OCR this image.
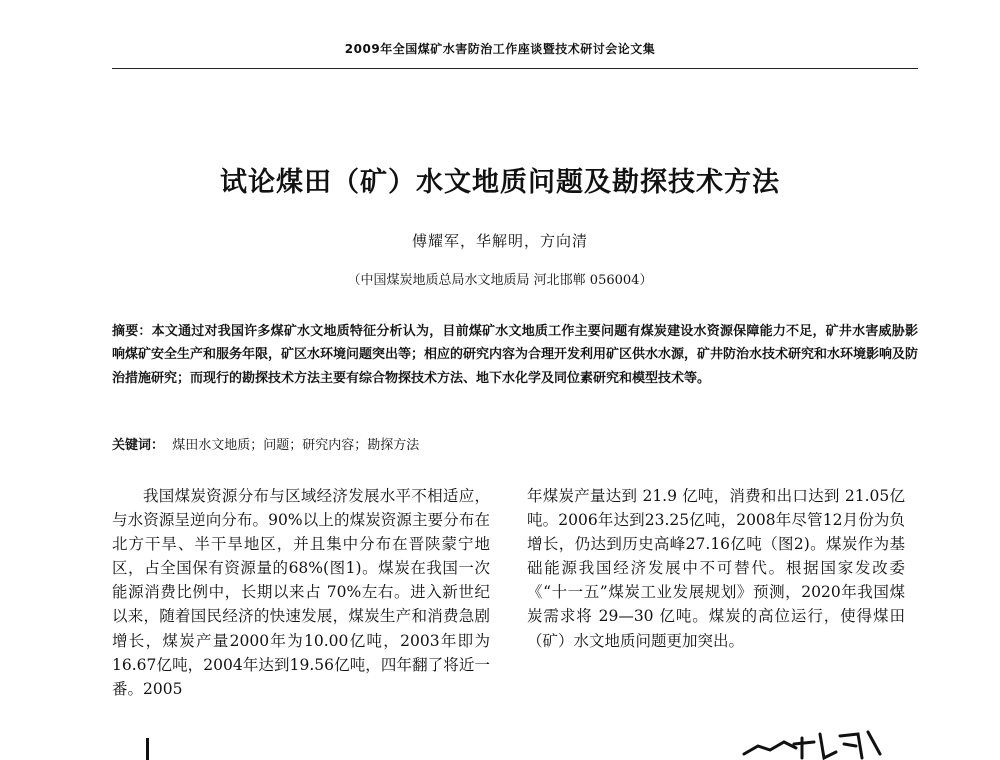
2009年全国煤矿水害防治工作座谈暨技术研讨会论文集
试论煤田（矿）水文地质问题及勘探技术方法
傅耀军，华解明，方向清
（中国煤炭地质总局水文地质局 河北邯郸 056004）
摘要：本文通过对我国许多煤矿水文地质特征分析认为，目前煤矿水文地质工作主要问题有煤炭建设水资源保障能力不足，矿井水害威胁影响煤矿安全生产和服务年限，矿区水环境问题突出等；相应的研究内容为合理开发利用矿区供水水源，矿井防治水技术研究和水环境影响及防治措施研究；而现行的勘探技术方法主要有综合物探技术方法、地下水化学及同位素研究和模型技术等。
关键词： 煤田水文地质；问题；研究内容；勘探方法

我国煤炭资源分布与区域经济发展水平不相适应，与水资源呈逆向分布。90%以上的煤炭资源主要分布在北方干旱、半干旱地区，并且集中分布在晋陕蒙宁地区，占全国保有资源量的68%(图1)。煤炭在我国一次能源消费比例中，长期以来占 70%左右。进入新世纪以来，随着国民经济的快速发展，煤炭生产和消费急剧增长，煤炭产量2000年为10.00亿吨，2003年即为16.67亿吨，2004年达到19.56亿吨，四年翻了将近一番。2005

年煤炭产量达到 21.9 亿吨，消费和出口达到 21.05亿吨。2006年达到23.25亿吨，2008年尽管12月份为负增长，仍达到历史高峰27.16亿吨（图2)。煤炭作为基础能源我国经济发展中不可替代。根据国家发改委《“十一五”煤炭工业发展规划》预测，2020年我国煤炭需求将 29—30 亿吨。煤炭的高位运行，使得煤田（矿）水文地质问题更加突出。
